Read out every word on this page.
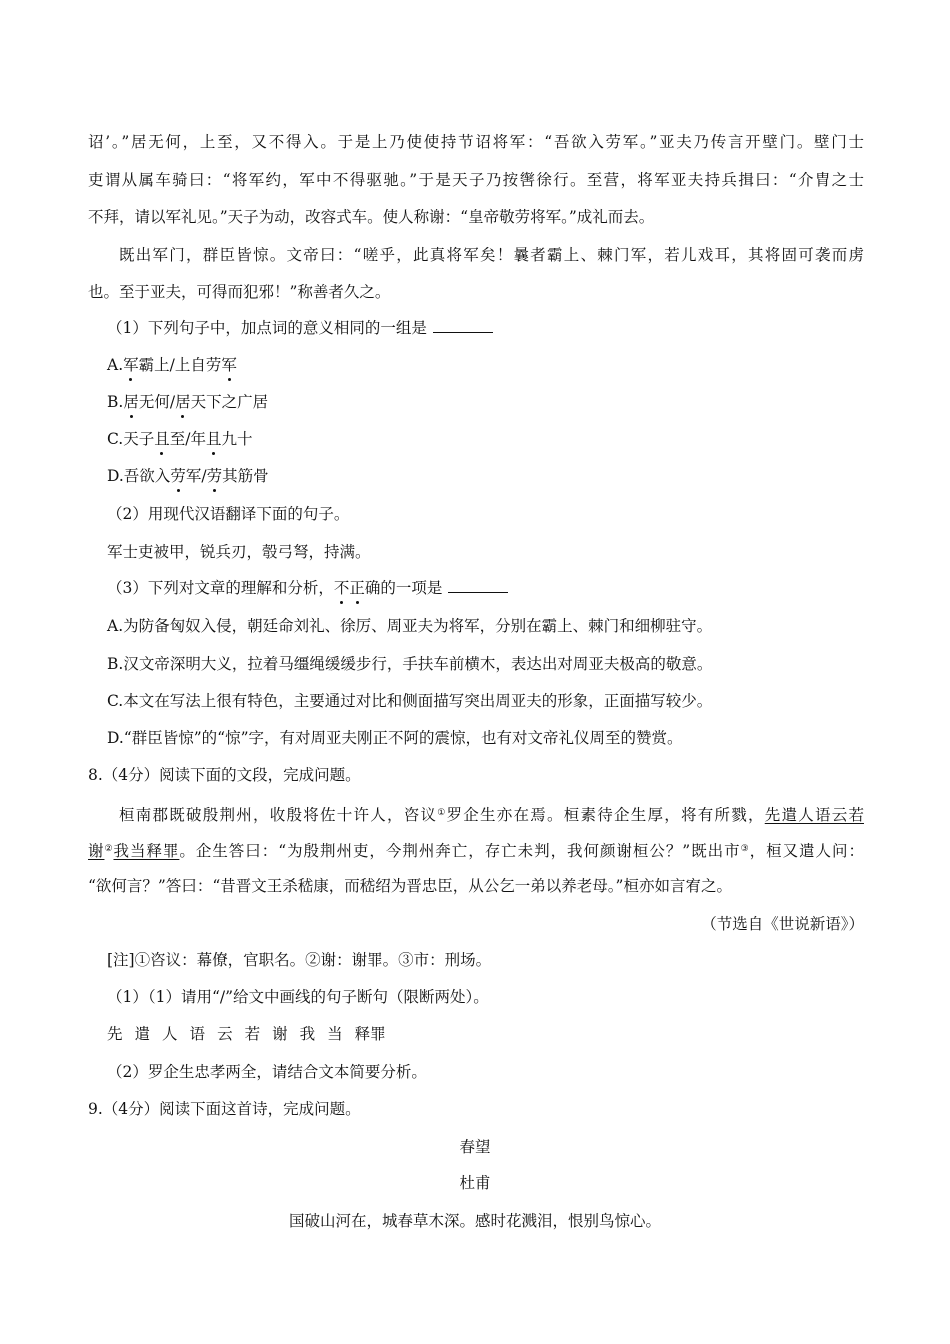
诏’。”居无何，上至，又不得入。于是上乃使使持节诏将军：“吾欲入劳军。”亚夫乃传言开壁门。壁门士
吏谓从属车骑曰：“将军约，军中不得驱驰。”于是天子乃按辔徐行。至营，将军亚夫持兵揖曰：“介胄之士
不拜，请以军礼见。”天子为动，改容式车。使人称谢：“皇帝敬劳将军。”成礼而去。
既出军门，群臣皆惊。文帝曰：“嗟乎，此真将军矣！曩者霸上、棘门军，若儿戏耳，其将固可袭而虏
也。至于亚夫，可得而犯邪！”称善者久之。
（1）下列句子中，加点词的意义相同的一组是
A.军霸上/上自劳军
B.居无何/居天下之广居
C.天子且至/年且九十
D.吾欲入劳军/劳其筋骨
（2）用现代汉语翻译下面的句子。
军士吏被甲，锐兵刃，彀弓弩，持满。
（3）下列对文章的理解和分析，不正确的一项是
A.为防备匈奴入侵，朝廷命刘礼、徐厉、周亚夫为将军，分别在霸上、棘门和细柳驻守。
B.汉文帝深明大义，拉着马缰绳缓缓步行，手扶车前横木，表达出对周亚夫极高的敬意。
C.本文在写法上很有特色，主要通过对比和侧面描写突出周亚夫的形象，正面描写较少。
D.“群臣皆惊”的“惊”字，有对周亚夫刚正不阿的震惊，也有对文帝礼仪周至的赞赏。
8.（4分）阅读下面的文段，完成问题。
桓南郡既破殷荆州，收殷将佐十许人，咨议①罗企生亦在焉。桓素待企生厚，将有所戮，先遣人语云若
谢②我当释罪。企生答曰：“为殷荆州吏，今荆州奔亡，存亡未判，我何颜谢桓公？”既出市③，桓又遣人问：
“欲何言？”答曰：“昔晋文王杀嵇康，而嵇绍为晋忠臣，从公乞一弟以养老母。”桓亦如言宥之。
（节选自《世说新语》）
[注]①咨议：幕僚，官职名。②谢：谢罪。③市：刑场。
（1）（1）请用“/”给文中画线的句子断句（限断两处）。
先 遣 人 语 云 若 谢 我 当 释罪
（2）罗企生忠孝两全，请结合文本简要分析。
9.（4分）阅读下面这首诗，完成问题。
春望
杜甫
国破山河在，城春草木深。感时花溅泪，恨别鸟惊心。
